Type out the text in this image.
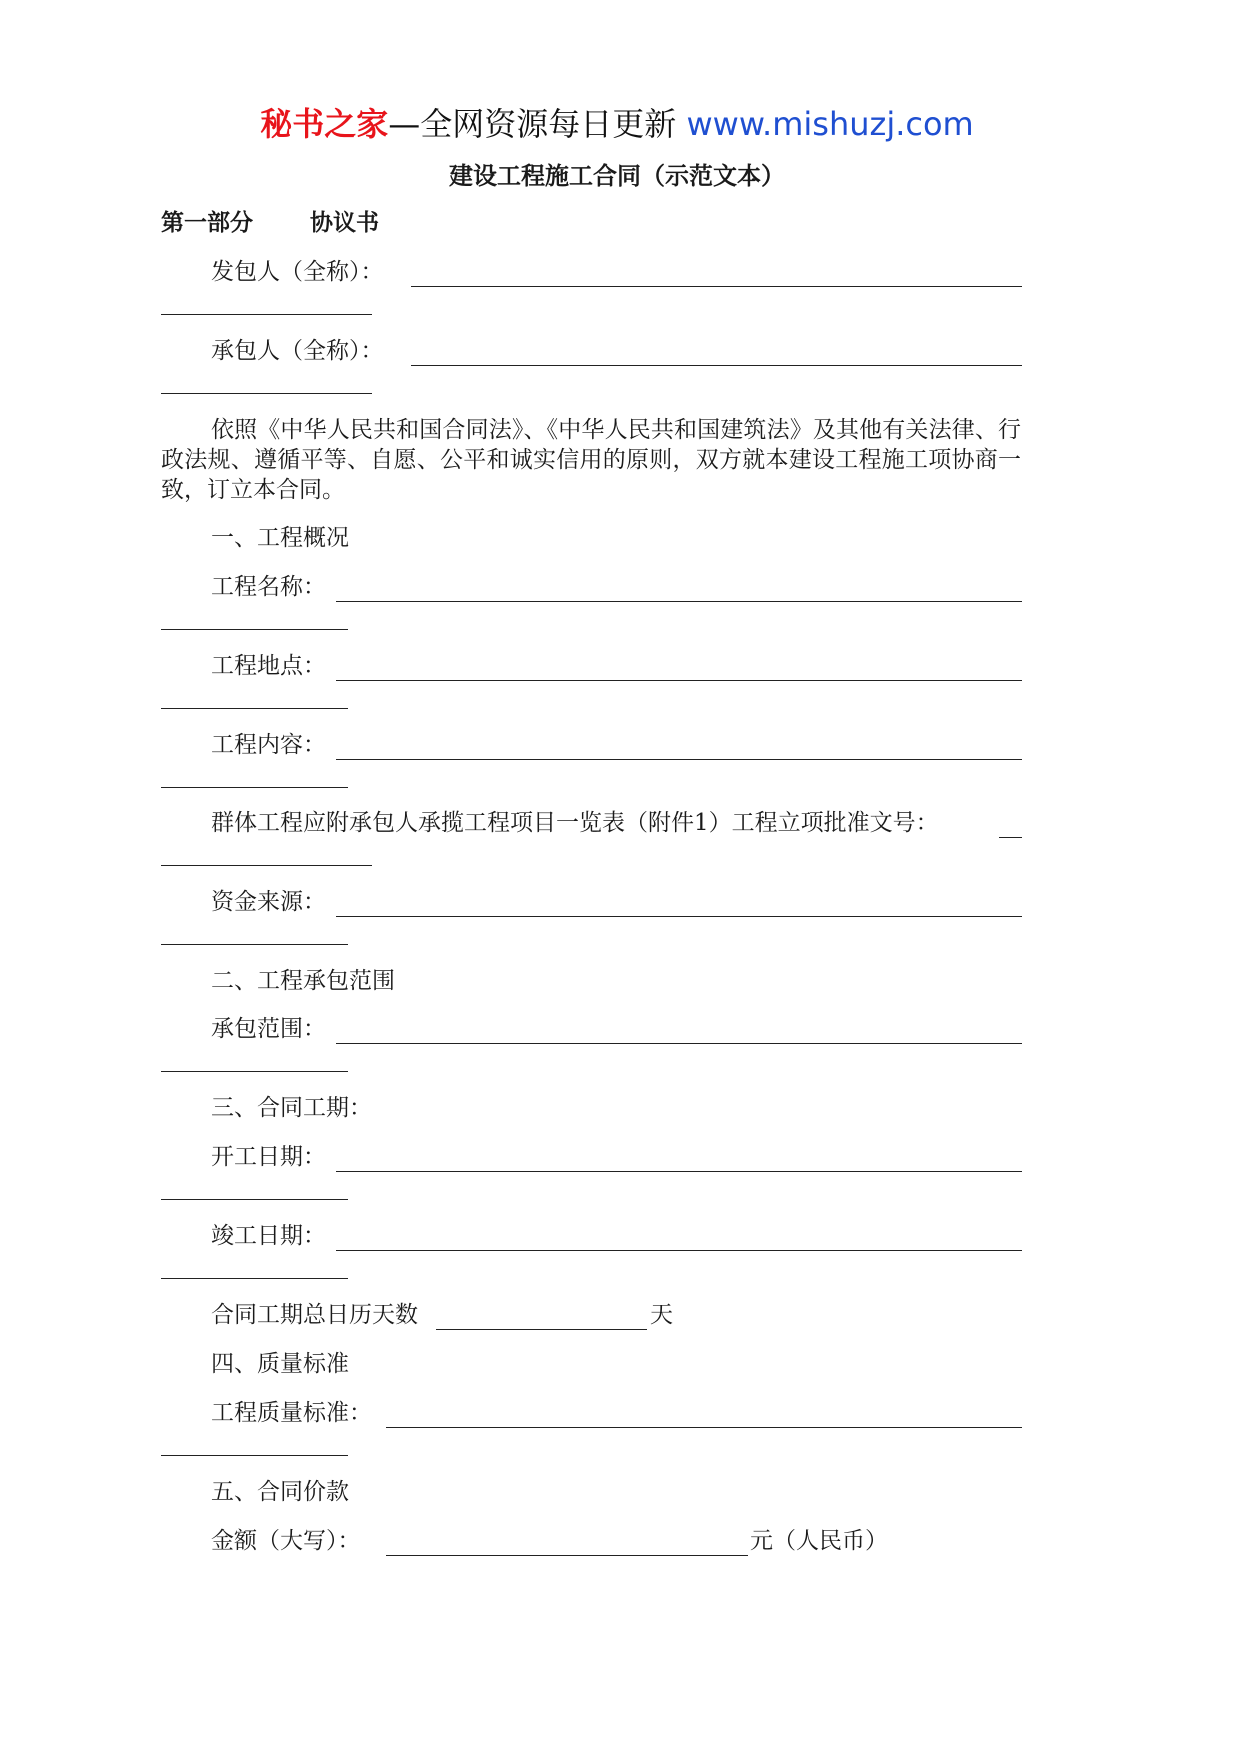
秘书之家—全网资源每日更新 www.mishuzj.com
建设工程施工合同（示范文本）
第一部分 协议书
发包人（全称）：
承包人（全称）：
依照《中华人民共和国合同法》、《中华人民共和国建筑法》及其他有关法律、行政法规、遵循平等、自愿、公平和诚实信用的原则，双方就本建设工程施工项协商一致，订立本合同。
一、工程概况
工程名称：
工程地点：
工程内容：
群体工程应附承包人承揽工程项目一览表（附件1）工程立项批准文号：
资金来源：
二、工程承包范围
承包范围：
三、合同工期：
开工日期：
竣工日期：
合同工期总日历天数	天
四、质量标准
工程质量标准：
五、合同价款
金额（大写）：	元（人民币）
